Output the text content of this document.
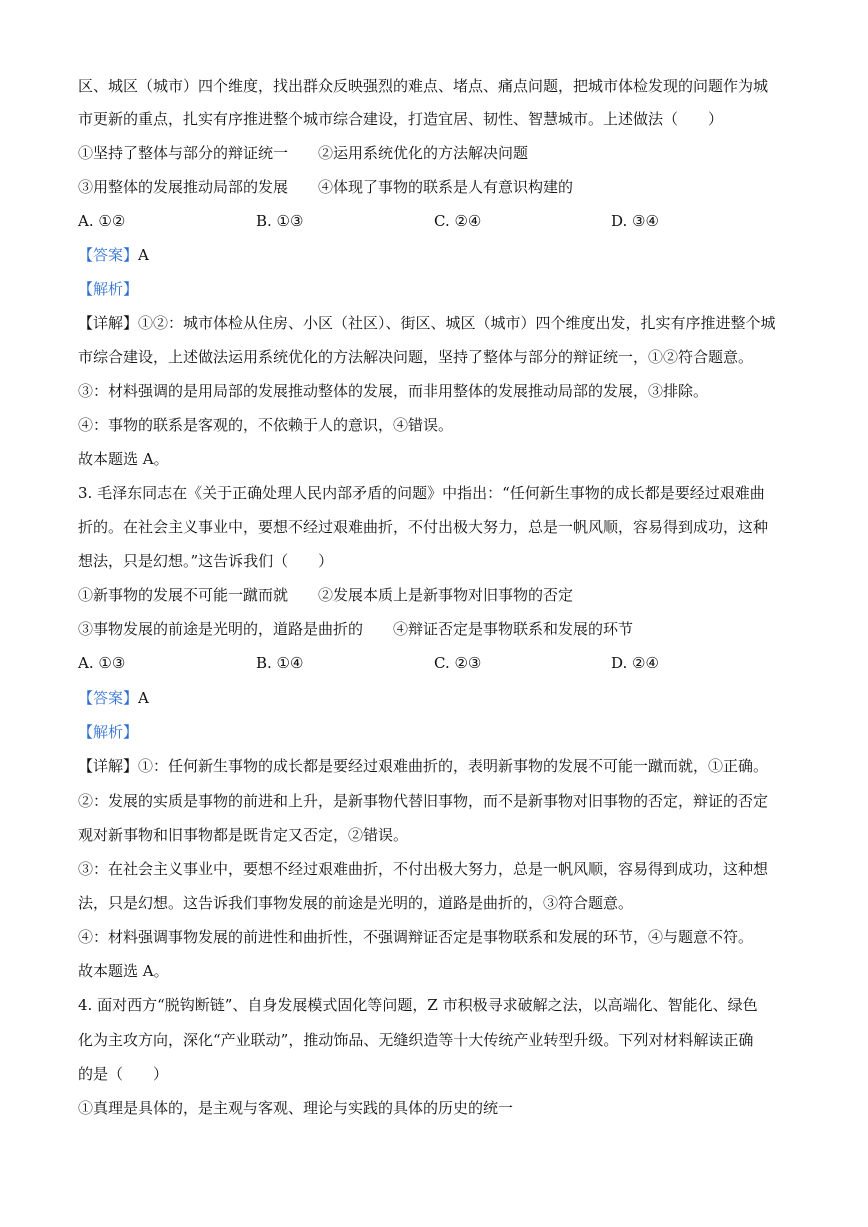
区、城区（城市）四个维度，找出群众反映强烈的难点、堵点、痛点问题，把城市体检发现的问题作为城
市更新的重点，扎实有序推进整个城市综合建设，打造宜居、韧性、智慧城市。上述做法（　　）
①坚持了整体与部分的辩证统一　　②运用系统优化的方法解决问题
③用整体的发展推动局部的发展　　④体现了事物的联系是人有意识构建的
A. ①②	B. ①③	C. ②④	D. ③④
【答案】A
【解析】
【详解】①②：城市体检从住房、小区（社区）、街区、城区（城市）四个维度出发，扎实有序推进整个城
市综合建设，上述做法运用系统优化的方法解决问题，坚持了整体与部分的辩证统一，①②符合题意。
③：材料强调的是用局部的发展推动整体的发展，而非用整体的发展推动局部的发展，③排除。
④：事物的联系是客观的，不依赖于人的意识，④错误。
故本题选 A。
3. 毛泽东同志在《关于正确处理人民内部矛盾的问题》中指出：“任何新生事物的成长都是要经过艰难曲
折的。在社会主义事业中，要想不经过艰难曲折，不付出极大努力，总是一帆风顺，容易得到成功，这种
想法，只是幻想。”这告诉我们（　　）
①新事物的发展不可能一蹴而就　　②发展本质上是新事物对旧事物的否定
③事物发展的前途是光明的，道路是曲折的　　④辩证否定是事物联系和发展的环节
A. ①③	B. ①④	C. ②③	D. ②④
【答案】A
【解析】
【详解】①：任何新生事物的成长都是要经过艰难曲折的，表明新事物的发展不可能一蹴而就，①正确。
②：发展的实质是事物的前进和上升，是新事物代替旧事物，而不是新事物对旧事物的否定，辩证的否定
观对新事物和旧事物都是既肯定又否定，②错误。
③：在社会主义事业中，要想不经过艰难曲折，不付出极大努力，总是一帆风顺，容易得到成功，这种想
法，只是幻想。这告诉我们事物发展的前途是光明的，道路是曲折的，③符合题意。
④：材料强调事物发展的前进性和曲折性，不强调辩证否定是事物联系和发展的环节，④与题意不符。
故本题选 A。
4. 面对西方“脱钩断链”、自身发展模式固化等问题，Z 市积极寻求破解之法，以高端化、智能化、绿色
化为主攻方向，深化“产业联动”，推动饰品、无缝织造等十大传统产业转型升级。下列对材料解读正确
的是（　　）
①真理是具体的，是主观与客观、理论与实践的具体的历史的统一
